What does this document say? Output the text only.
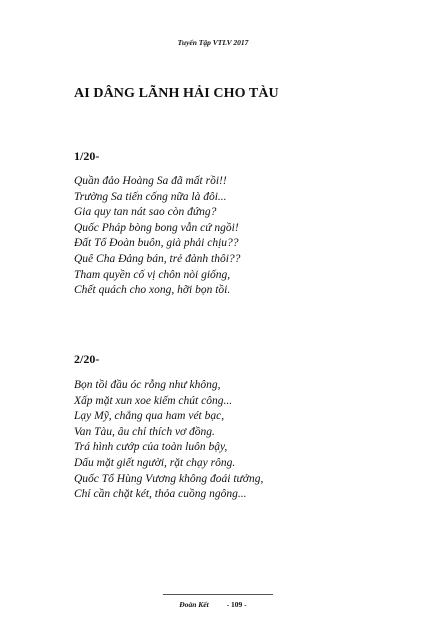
Tuyển Tập VTLV 2017
AI DÂNG LÃNH HẢI CHO TÀU
1/20-
Quần đảo Hoàng Sa đã mất rồi!!
Trường Sa tiến cống nữa là đôi...
Gia quy tan nát sao còn đứng?
Quốc Pháp bòng bong vẫn cứ ngồi!
Đất Tổ Đoàn buôn, già phải chịu??
Quê Cha Đảng bán, trẻ đành thôi??
Tham quyền cố vị chôn nòi giống,
Chết quách cho xong, hỡi bọn tồi.
2/20-
Bọn tồi đầu óc rỗng như không,
Xấp mặt xun xoe kiếm chút công...
Lạy Mỹ, chẳng qua ham vét bạc,
Van Tàu, âu chỉ thích vơ đồng.
Trá hình cướp của toàn luôn bậy,
Dấu mặt giết người, rặt chạy rông.
Quốc Tổ Hùng Vương không đoái tưởng,
Chỉ cần chặt két, thỏa cuồng ngông...
Đoàn Kết - 109 -
